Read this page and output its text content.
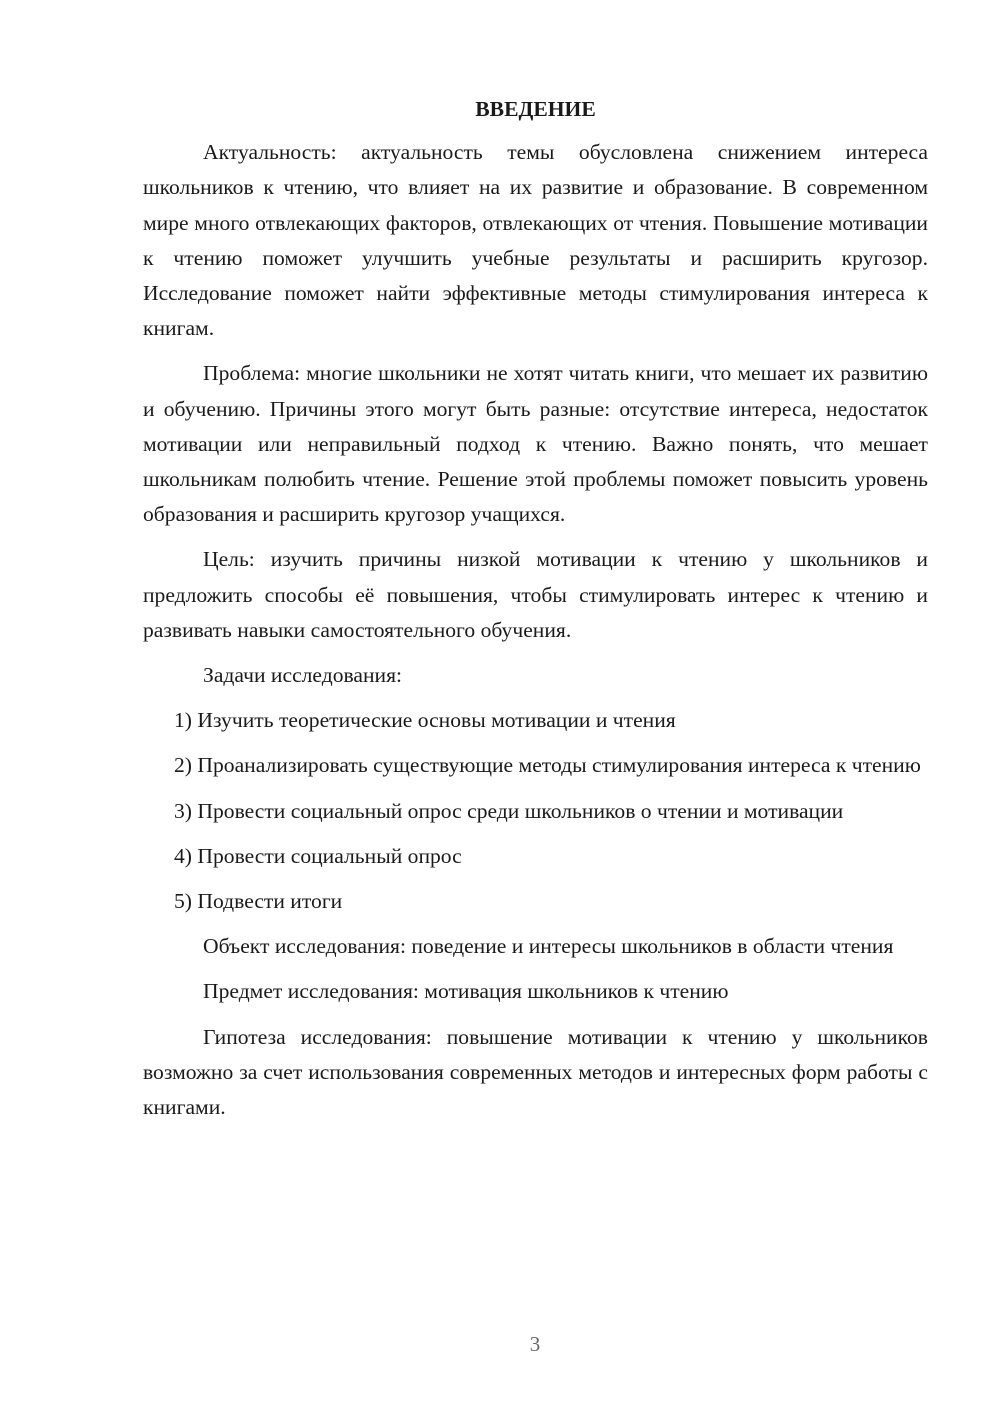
ВВЕДЕНИЕ

Актуальность: актуальность темы обусловлена снижением интереса школьников к чтению, что влияет на их развитие и образование. В современном мире много отвлекающих факторов, отвлекающих от чтения. Повышение мотивации к чтению поможет улучшить учебные результаты и расширить кругозор. Исследование поможет найти эффективные методы стимулирования интереса к книгам.

Проблема: многие школьники не хотят читать книги, что мешает их развитию и обучению. Причины этого могут быть разные: отсутствие интереса, недостаток мотивации или неправильный подход к чтению. Важно понять, что мешает школьникам полюбить чтение. Решение этой проблемы поможет повысить уровень образования и расширить кругозор учащихся.

Цель: изучить причины низкой мотивации к чтению у школьников и предложить способы её повышения, чтобы стимулировать интерес к чтению и развивать навыки самостоятельного обучения.

Задачи исследования:

1) Изучить теоретические основы мотивации и чтения

2) Проанализировать существующие методы стимулирования интереса к чтению

3) Провести социальный опрос среди школьников о чтении и мотивации

4) Провести социальный опрос

5) Подвести итоги

Объект исследования: поведение и интересы школьников в области чтения

Предмет исследования: мотивация школьников к чтению

Гипотеза исследования: повышение мотивации к чтению у школьников возможно за счет использования современных методов и интересных форм работы с книгами.

3
